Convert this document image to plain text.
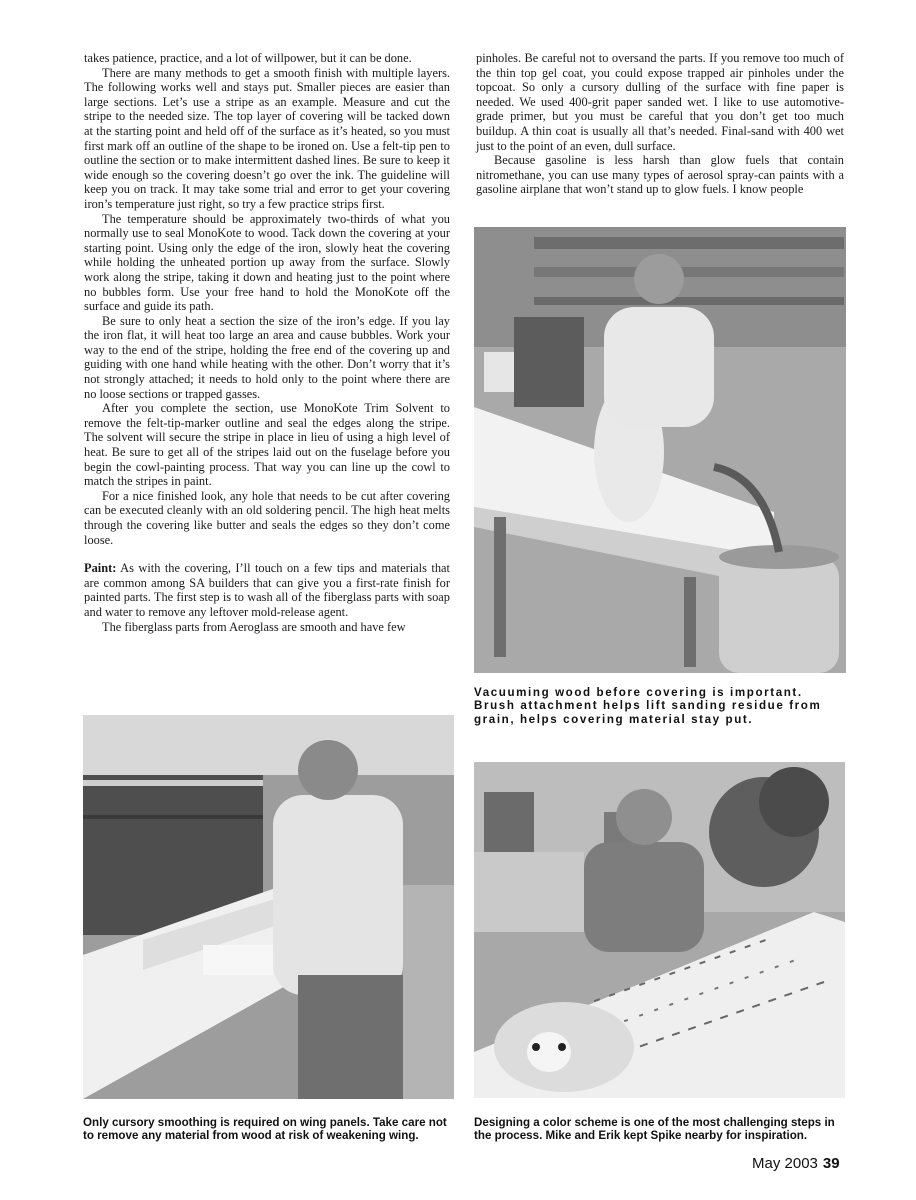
takes patience, practice, and a lot of willpower, but it can be done.

There are many methods to get a smooth finish with multiple layers. The following works well and stays put. Smaller pieces are easier than large sections. Let’s use a stripe as an example. Measure and cut the stripe to the needed size. The top layer of covering will be tacked down at the starting point and held off of the surface as it’s heated, so you must first mark off an outline of the shape to be ironed on. Use a felt-tip pen to outline the section or to make intermittent dashed lines. Be sure to keep it wide enough so the covering doesn’t go over the ink. The guideline will keep you on track. It may take some trial and error to get your covering iron’s temperature just right, so try a few practice strips first.

The temperature should be approximately two-thirds of what you normally use to seal MonoKote to wood. Tack down the covering at your starting point. Using only the edge of the iron, slowly heat the covering while holding the unheated portion up away from the surface. Slowly work along the stripe, taking it down and heating just to the point where no bubbles form. Use your free hand to hold the MonoKote off the surface and guide its path.

Be sure to only heat a section the size of the iron’s edge. If you lay the iron flat, it will heat too large an area and cause bubbles. Work your way to the end of the stripe, holding the free end of the covering up and guiding with one hand while heating with the other. Don’t worry that it’s not strongly attached; it needs to hold only to the point where there are no loose sections or trapped gasses.

After you complete the section, use MonoKote Trim Solvent to remove the felt-tip-marker outline and seal the edges along the stripe. The solvent will secure the stripe in place in lieu of using a high level of heat. Be sure to get all of the stripes laid out on the fuselage before you begin the cowl-painting process. That way you can line up the cowl to match the stripes in paint.

For a nice finished look, any hole that needs to be cut after covering can be executed cleanly with an old soldering pencil. The high heat melts through the covering like butter and seals the edges so they don’t come loose.

Paint: As with the covering, I’ll touch on a few tips and materials that are common among SA builders that can give you a first-rate finish for painted parts. The first step is to wash all of the fiberglass parts with soap and water to remove any leftover mold-release agent.

The fiberglass parts from Aeroglass are smooth and have few

pinholes. Be careful not to oversand the parts. If you remove too much of the thin top gel coat, you could expose trapped air pinholes under the topcoat. So only a cursory dulling of the surface with fine paper is needed. We used 400-grit paper sanded wet. I like to use automotive-grade primer, but you must be careful that you don’t get too much buildup. A thin coat is usually all that’s needed. Final-sand with 400 wet just to the point of an even, dull surface.

Because gasoline is less harsh than glow fuels that contain nitromethane, you can use many types of aerosol spray-can paints with a gasoline airplane that won’t stand up to glow fuels. I know people

Vacuuming wood before covering is important. Brush attachment helps lift sanding residue from grain, helps covering material stay put.
Only cursory smoothing is required on wing panels. Take care not to remove any material from wood at risk of weakening wing.
Designing a color scheme is one of the most challenging steps in the process. Mike and Erik kept Spike nearby for inspiration.
May 2003 39
